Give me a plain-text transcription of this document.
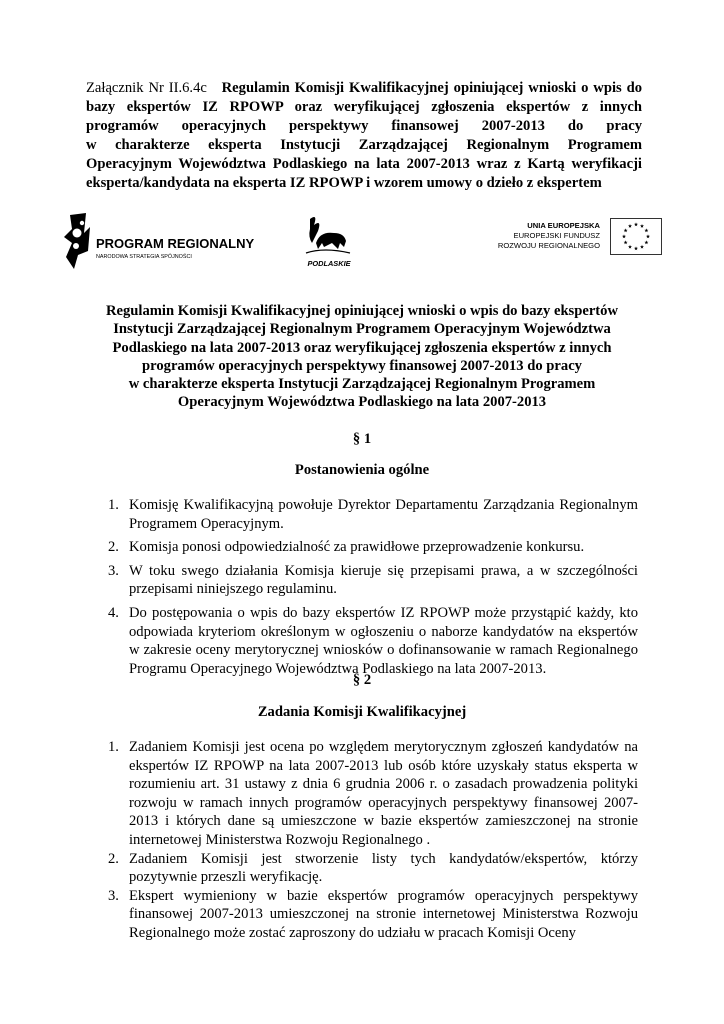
Załącznik Nr II.6.4c Regulamin Komisji Kwalifikacyjnej opiniującej wnioski o wpis do
bazy ekspertów IZ RPOWP oraz weryfikującej zgłoszenia ekspertów z innych
programów operacyjnych perspektywy finansowej 2007-2013 do pracy
w charakterze eksperta Instytucji Zarządzającej Regionalnym Programem
Operacyjnym Województwa Podlaskiego na lata 2007-2013 wraz z Kartą weryfikacji
eksperta/kandydata na eksperta IZ RPOWP i wzorem umowy o dzieło z ekspertem
PROGRAM REGIONALNY
NARODOWA STRATEGIA SPÓJNOŚCI
PODLASKIE
UNIA EUROPEJSKA
EUROPEJSKI FUNDUSZ
ROZWOJU REGIONALNEGO
Regulamin Komisji Kwalifikacyjnej opiniującej wnioski o wpis do bazy ekspertów
Instytucji Zarządzającej Regionalnym Programem Operacyjnym Województwa
Podlaskiego na lata 2007-2013 oraz weryfikującej zgłoszenia ekspertów z innych
programów operacyjnych perspektywy finansowej 2007-2013 do pracy
w charakterze eksperta Instytucji Zarządzającej Regionalnym Programem
Operacyjnym Województwa Podlaskiego na lata 2007-2013
§ 1
Postanowienia ogólne
1. Komisję Kwalifikacyjną powołuje Dyrektor Departamentu Zarządzania Regionalnym Programem Operacyjnym.
2. Komisja ponosi odpowiedzialność za prawidłowe przeprowadzenie konkursu.
3. W toku swego działania Komisja kieruje się przepisami prawa, a w szczególności przepisami niniejszego regulaminu.
4. Do postępowania o wpis do bazy ekspertów IZ RPOWP może przystąpić każdy, kto odpowiada kryteriom określonym w ogłoszeniu o naborze kandydatów na ekspertów w zakresie oceny merytorycznej wniosków o dofinansowanie w ramach Regionalnego Programu Operacyjnego Województwa Podlaskiego na lata 2007-2013.
§ 2
Zadania Komisji Kwalifikacyjnej
1. Zadaniem Komisji jest ocena po względem merytorycznym zgłoszeń kandydatów na ekspertów IZ RPOWP na lata 2007-2013 lub osób które uzyskały status eksperta w rozumieniu art. 31 ustawy z dnia 6 grudnia 2006 r. o zasadach prowadzenia polityki rozwoju w ramach innych programów operacyjnych perspektywy finansowej 2007-2013 i których dane są umieszczone w bazie ekspertów zamieszczonej na stronie internetowej Ministerstwa Rozwoju Regionalnego .
2. Zadaniem Komisji jest stworzenie listy tych kandydatów/ekspertów, którzy pozytywnie przeszli weryfikację.
3. Ekspert wymieniony w bazie ekspertów programów operacyjnych perspektywy finansowej 2007-2013 umieszczonej na stronie internetowej Ministerstwa Rozwoju Regionalnego może zostać zaproszony do udziału w pracach Komisji Oceny
